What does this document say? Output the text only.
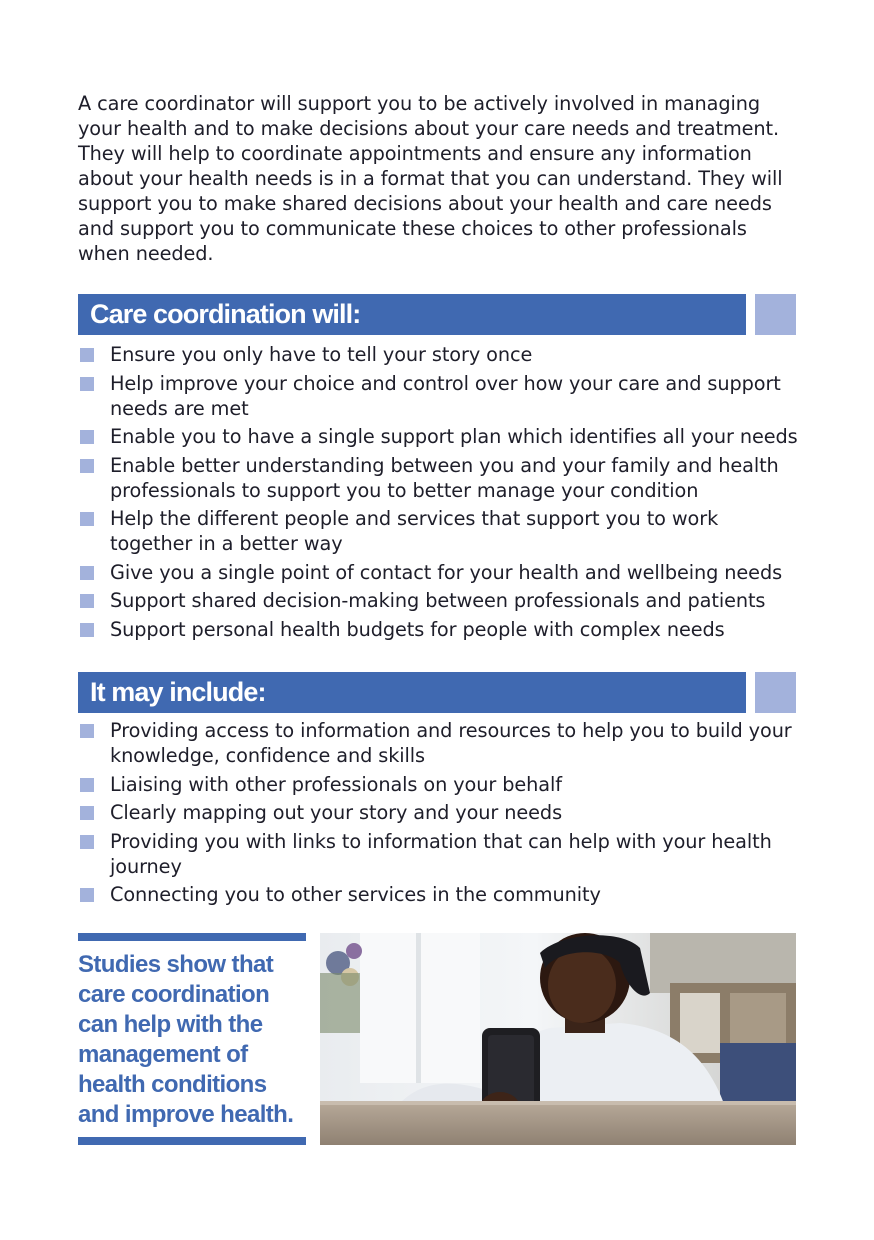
A care coordinator will support you to be actively involved in managing your health and to make decisions about your care needs and treatment. They will help to coordinate appointments and ensure any information about your health needs is in a format that you can understand. They will support you to make shared decisions about your health and care needs and support you to communicate these choices to other professionals when needed.

Care coordination will:
Ensure you only have to tell your story once
Help improve your choice and control over how your care and support needs are met
Enable you to have a single support plan which identifies all your needs
Enable better understanding between you and your family and health professionals to support you to better manage your condition
Help the different people and services that support you to work together in a better way
Give you a single point of contact for your health and wellbeing needs
Support shared decision-making between professionals and patients
Support personal health budgets for people with complex needs
It may include:
Providing access to information and resources to help you to build your knowledge, confidence and skills
Liaising with other professionals on your behalf
Clearly mapping out your story and your needs
Providing you with links to information that can help with your health journey
Connecting you to other services in the community

Studies show that
care coordination
can help with the
management of
health conditions
and improve health.
